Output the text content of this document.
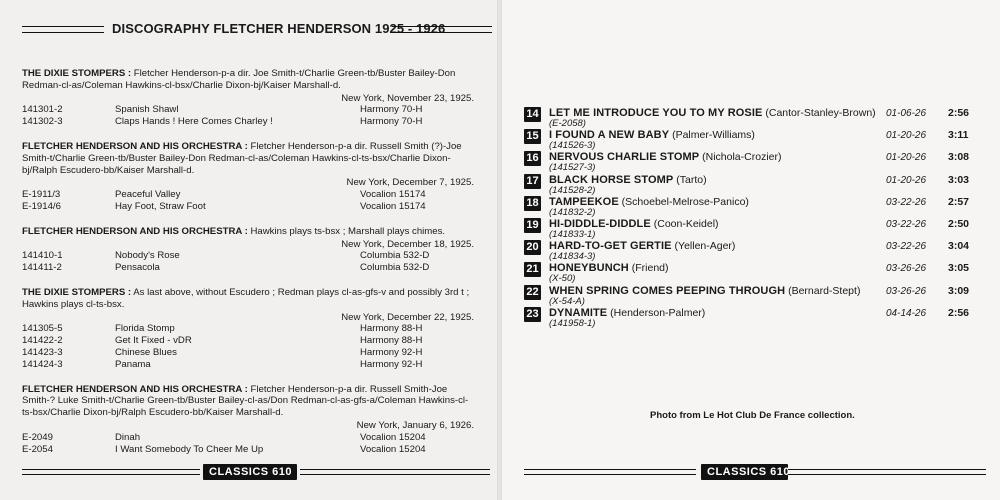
DISCOGRAPHY FLETCHER HENDERSON 1925 - 1926

THE DIXIE STOMPERS : Fletcher Henderson-p-a dir. Joe Smith-t/Charlie Green-tb/Buster Bailey-Don Redman-cl-as/Coleman Hawkins-cl-bsx/Charlie Dixon-bj/Kaiser Marshall-d.

New York, November 23, 1925.
141301-2	Spanish Shawl	Harmony 70-H
141302-3	Claps Hands ! Here Comes Charley !	Harmony 70-H

FLETCHER HENDERSON AND HIS ORCHESTRA : Fletcher Henderson-p-a dir. Russell Smith (?)-Joe Smith-t/Charlie Green-tb/Buster Bailey-Don Redman-cl-as/Coleman Hawkins-cl-ts-bsx/Charlie Dixon-bj/Ralph Escudero-bb/Kaiser Marshall-d.

New York, December 7, 1925.
E-1911/3	Peaceful Valley	Vocalion 15174
E-1914/6	Hay Foot, Straw Foot	Vocalion 15174

FLETCHER HENDERSON AND HIS ORCHESTRA : Hawkins plays ts-bsx ; Marshall plays chimes.

New York, December 18, 1925.
141410-1	Nobody's Rose	Columbia 532-D
141411-2	Pensacola	Columbia 532-D

THE DIXIE STOMPERS : As last above, without Escudero ; Redman plays cl-as-gfs-v and possibly 3rd t ; Hawkins plays cl-ts-bsx.

New York, December 22, 1925.
141305-5	Florida Stomp	Harmony 88-H
141422-2	Get It Fixed - vDR	Harmony 88-H
141423-3	Chinese Blues	Harmony 92-H
141424-3	Panama	Harmony 92-H

FLETCHER HENDERSON AND HIS ORCHESTRA : Fletcher Henderson-p-a dir. Russell Smith-Joe Smith-? Luke Smith-t/Charlie Green-tb/Buster Bailey-cl-as/Don Redman-cl-as-gfs-a/Coleman Hawkins-cl-ts-bsx/Charlie Dixon-bj/Ralph Escudero-bb/Kaiser Marshall-d.

New York, January 6, 1926.
E-2049	Dinah	Vocalion 15204
E-2054	I Want Somebody To Cheer Me Up	Vocalion 15204
CLASSICS 610
14 LET ME INTRODUCE YOU TO MY ROSIE (Cantor-Stanley-Brown)
(E-2058)
01-06-26 2:56
15 I FOUND A NEW BABY (Palmer-Williams)
(141526-3)
01-20-26 3:11
16 NERVOUS CHARLIE STOMP (Nichola-Crozier)
(141527-3)
01-20-26 3:08
17 BLACK HORSE STOMP (Tarto)
(141528-2)
01-20-26 3:03
18 TAMPEEKOE (Schoebel-Melrose-Panico)
(141832-2)
03-22-26 2:57
19 HI-DIDDLE-DIDDLE (Coon-Keidel)
(141833-1)
03-22-26 2:50
20 HARD-TO-GET GERTIE (Yellen-Ager)
(141834-3)
03-22-26 3:04
21 HONEYBUNCH (Friend)
(X-50)
03-26-26 3:05
22 WHEN SPRING COMES PEEPING THROUGH (Bernard-Stept)
(X-54-A)
03-26-26 3:09
23 DYNAMITE (Henderson-Palmer)
(141958-1)
04-14-26 2:56
Photo from Le Hot Club De France collection.
CLASSICS 610
